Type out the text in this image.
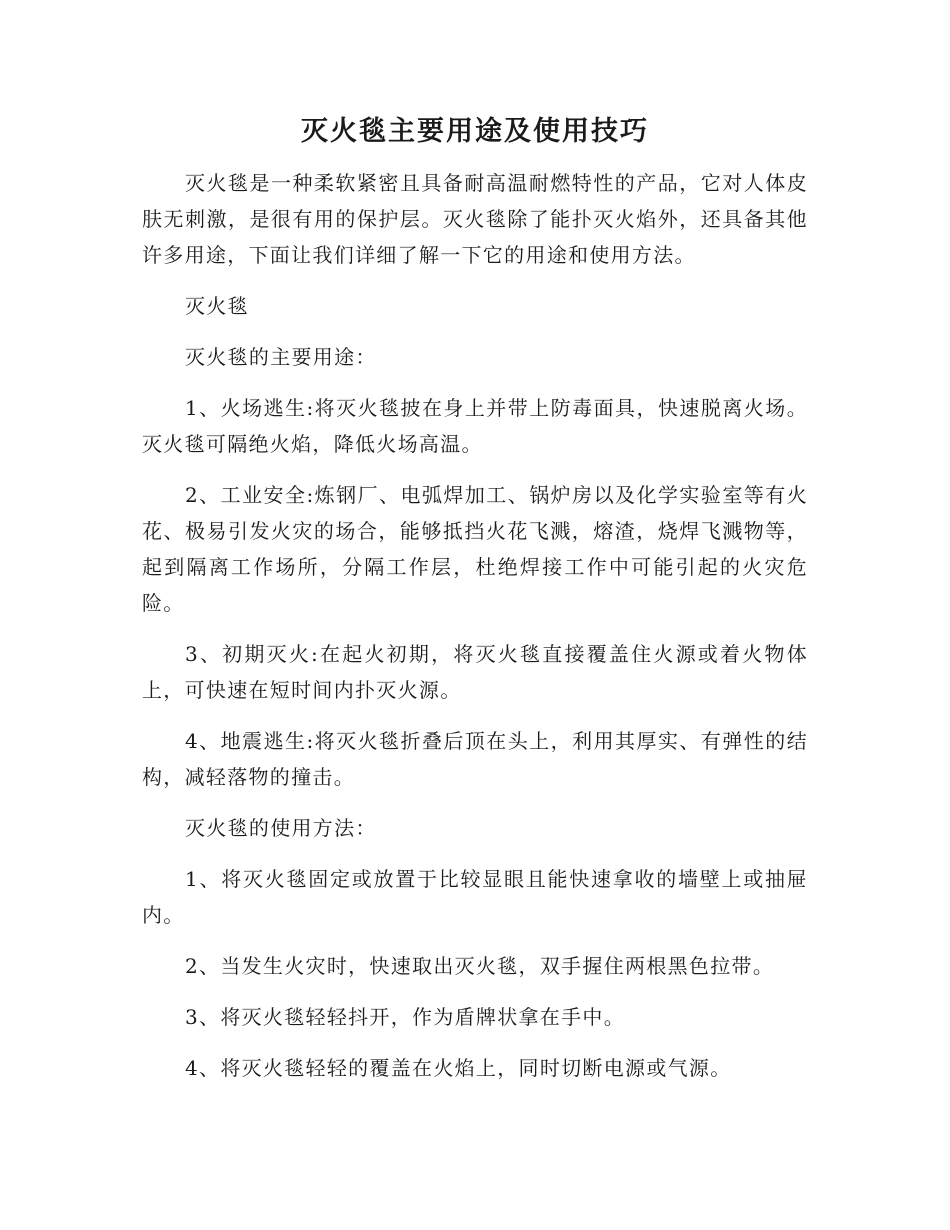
灭火毯主要用途及使用技巧

灭火毯是一种柔软紧密且具备耐高温耐燃特性的产品，它对人体皮肤无刺激，是很有用的保护层。灭火毯除了能扑灭火焰外，还具备其他许多用途，下面让我们详细了解一下它的用途和使用方法。

灭火毯

灭火毯的主要用途：

1、火场逃生:将灭火毯披在身上并带上防毒面具，快速脱离火场。灭火毯可隔绝火焰，降低火场高温。

2、工业安全:炼钢厂、电弧焊加工、锅炉房以及化学实验室等有火花、极易引发火灾的场合，能够抵挡火花飞溅，熔渣，烧焊飞溅物等，起到隔离工作场所，分隔工作层，杜绝焊接工作中可能引起的火灾危险。

3、初期灭火:在起火初期，将灭火毯直接覆盖住火源或着火物体上，可快速在短时间内扑灭火源。

4、地震逃生:将灭火毯折叠后顶在头上，利用其厚实、有弹性的结构，减轻落物的撞击。

灭火毯的使用方法：

1、将灭火毯固定或放置于比较显眼且能快速拿收的墙壁上或抽屉内。

2、当发生火灾时，快速取出灭火毯，双手握住两根黑色拉带。

3、将灭火毯轻轻抖开，作为盾牌状拿在手中。

4、将灭火毯轻轻的覆盖在火焰上，同时切断电源或气源。
